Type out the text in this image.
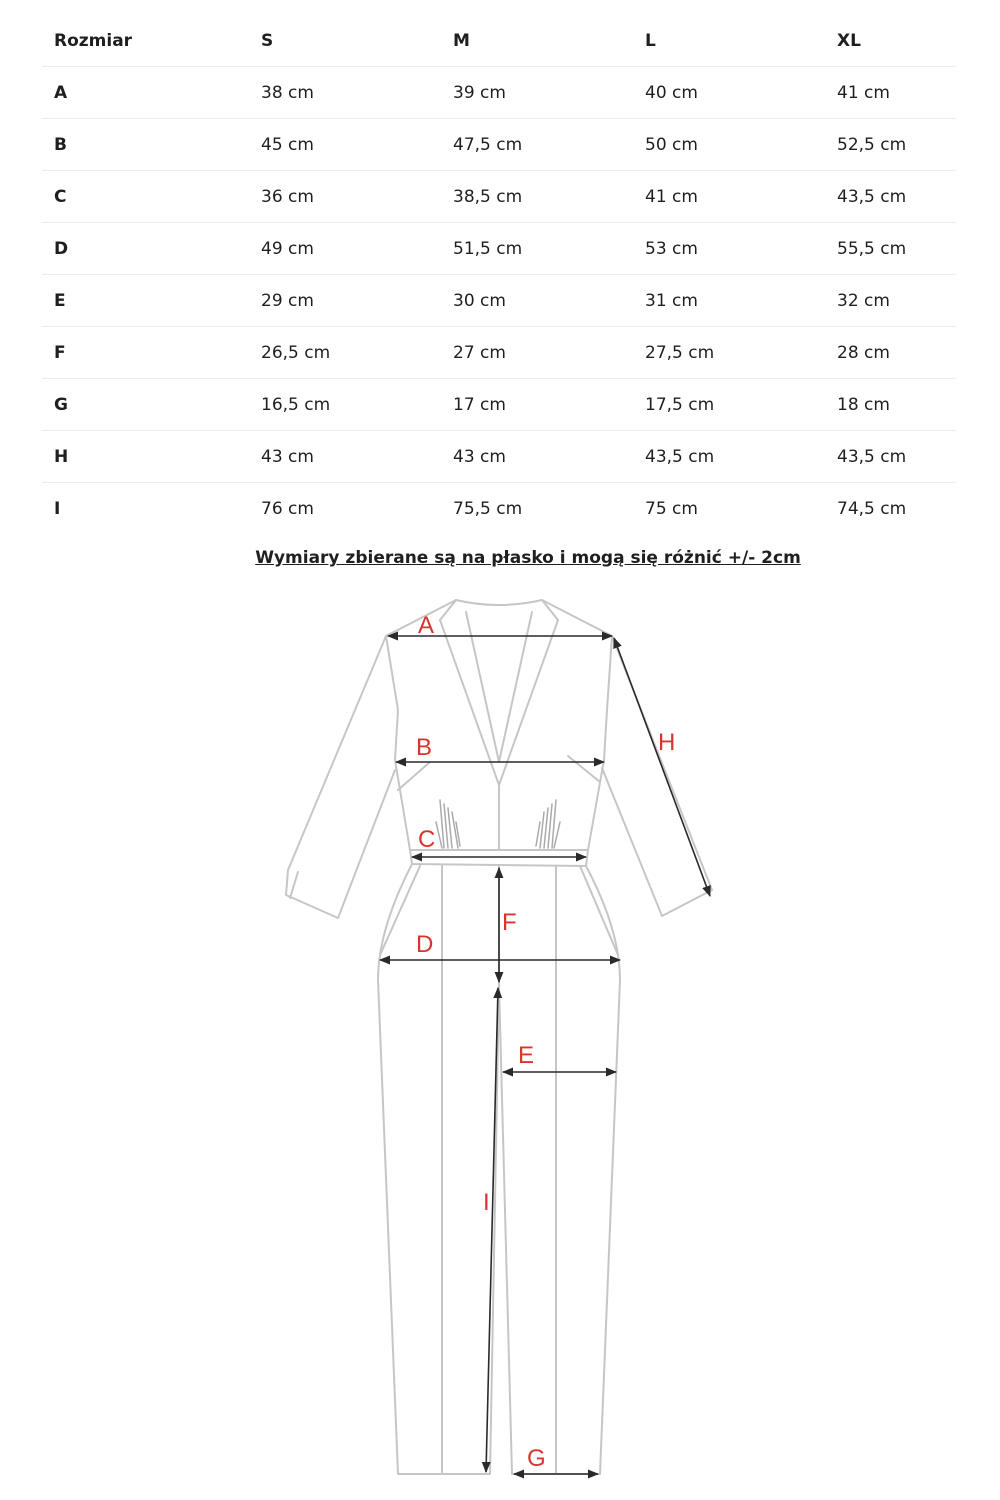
Rozmiar	S	M	L	XL
A	38 cm	39 cm	40 cm	41 cm
B	45 cm	47,5 cm	50 cm	52,5 cm
C	36 cm	38,5 cm	41 cm	43,5 cm
D	49 cm	51,5 cm	53 cm	55,5 cm
E	29 cm	30 cm	31 cm	32 cm
F	26,5 cm	27 cm	27,5 cm	28 cm
G	16,5 cm	17 cm	17,5 cm	18 cm
H	43 cm	43 cm	43,5 cm	43,5 cm
I	76 cm	75,5 cm	75 cm	74,5 cm
Wymiary zbierane są na płasko i mogą się różnić +/- 2cm
A
B
C
D
E
F
G
H
I
